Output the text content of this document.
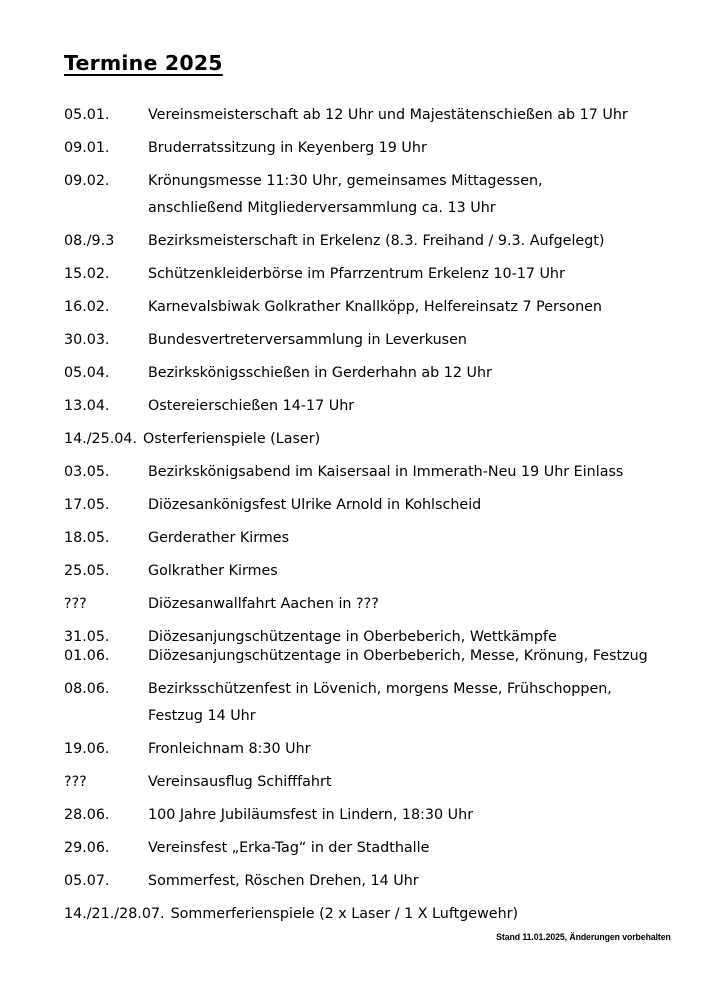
Termine 2025
05.01.	Vereinsmeisterschaft ab 12 Uhr und Majestätenschießen ab 17 Uhr
09.01.	Bruderratssitzung in Keyenberg 19 Uhr
09.02.	Krönungsmesse 11:30 Uhr, gemeinsames Mittagessen,
anschließend Mitgliederversammlung ca. 13 Uhr
08./9.3	Bezirksmeisterschaft in Erkelenz (8.3. Freihand / 9.3. Aufgelegt)
15.02.	Schützenkleiderbörse im Pfarrzentrum Erkelenz 10-17 Uhr
16.02.	Karnevalsbiwak Golkrather Knallköpp, Helfereinsatz 7 Personen
30.03.	Bundesvertreterversammlung in Leverkusen
05.04.	Bezirkskönigsschießen in Gerderhahn ab 12 Uhr
13.04.	Ostereierschießen 14-17 Uhr
14./25.04. Osterferienspiele (Laser)
03.05.	Bezirkskönigsabend im Kaisersaal in Immerath-Neu 19 Uhr Einlass
17.05.	Diözesankönigsfest Ulrike Arnold in Kohlscheid
18.05.	Gerderather Kirmes
25.05.	Golkrather Kirmes
???	Diözesanwallfahrt Aachen in ???
31.05.	Diözesanjungschützentage in Oberbeberich, Wettkämpfe
01.06.	Diözesanjungschützentage in Oberbeberich, Messe, Krönung, Festzug
08.06.	Bezirksschützenfest in Lövenich, morgens Messe, Frühschoppen,
Festzug 14 Uhr
19.06.	Fronleichnam 8:30 Uhr
???	Vereinsausflug Schifffahrt
28.06.	100 Jahre Jubiläumsfest in Lindern, 18:30 Uhr
29.06.	Vereinsfest „Erka-Tag“ in der Stadthalle
05.07.	Sommerfest, Röschen Drehen, 14 Uhr
14./21./28.07. Sommerferienspiele (2 x Laser / 1 X Luftgewehr)
Stand 11.01.2025, Änderungen vorbehalten
